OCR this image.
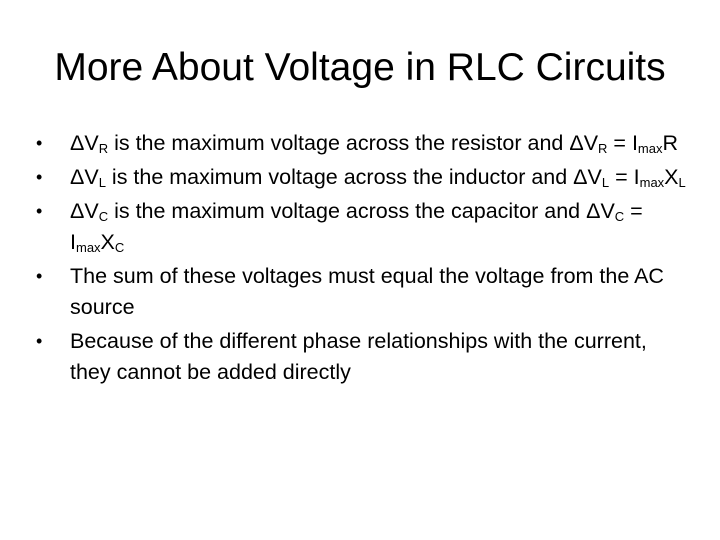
More About Voltage in RLC Circuits
• $\Delta V_R$ is the maximum voltage across the resistor and $\Delta V_R = I_{max}R$
• $\Delta V_L$ is the maximum voltage across the inductor and $\Delta V_L = I_{max}X_L$
• $\Delta V_C$ is the maximum voltage across the capacitor and $\Delta V_C = I_{max}X_C$
• The sum of these voltages must equal the voltage from the AC source
• Because of the different phase relationships with the current, they cannot be added directly
